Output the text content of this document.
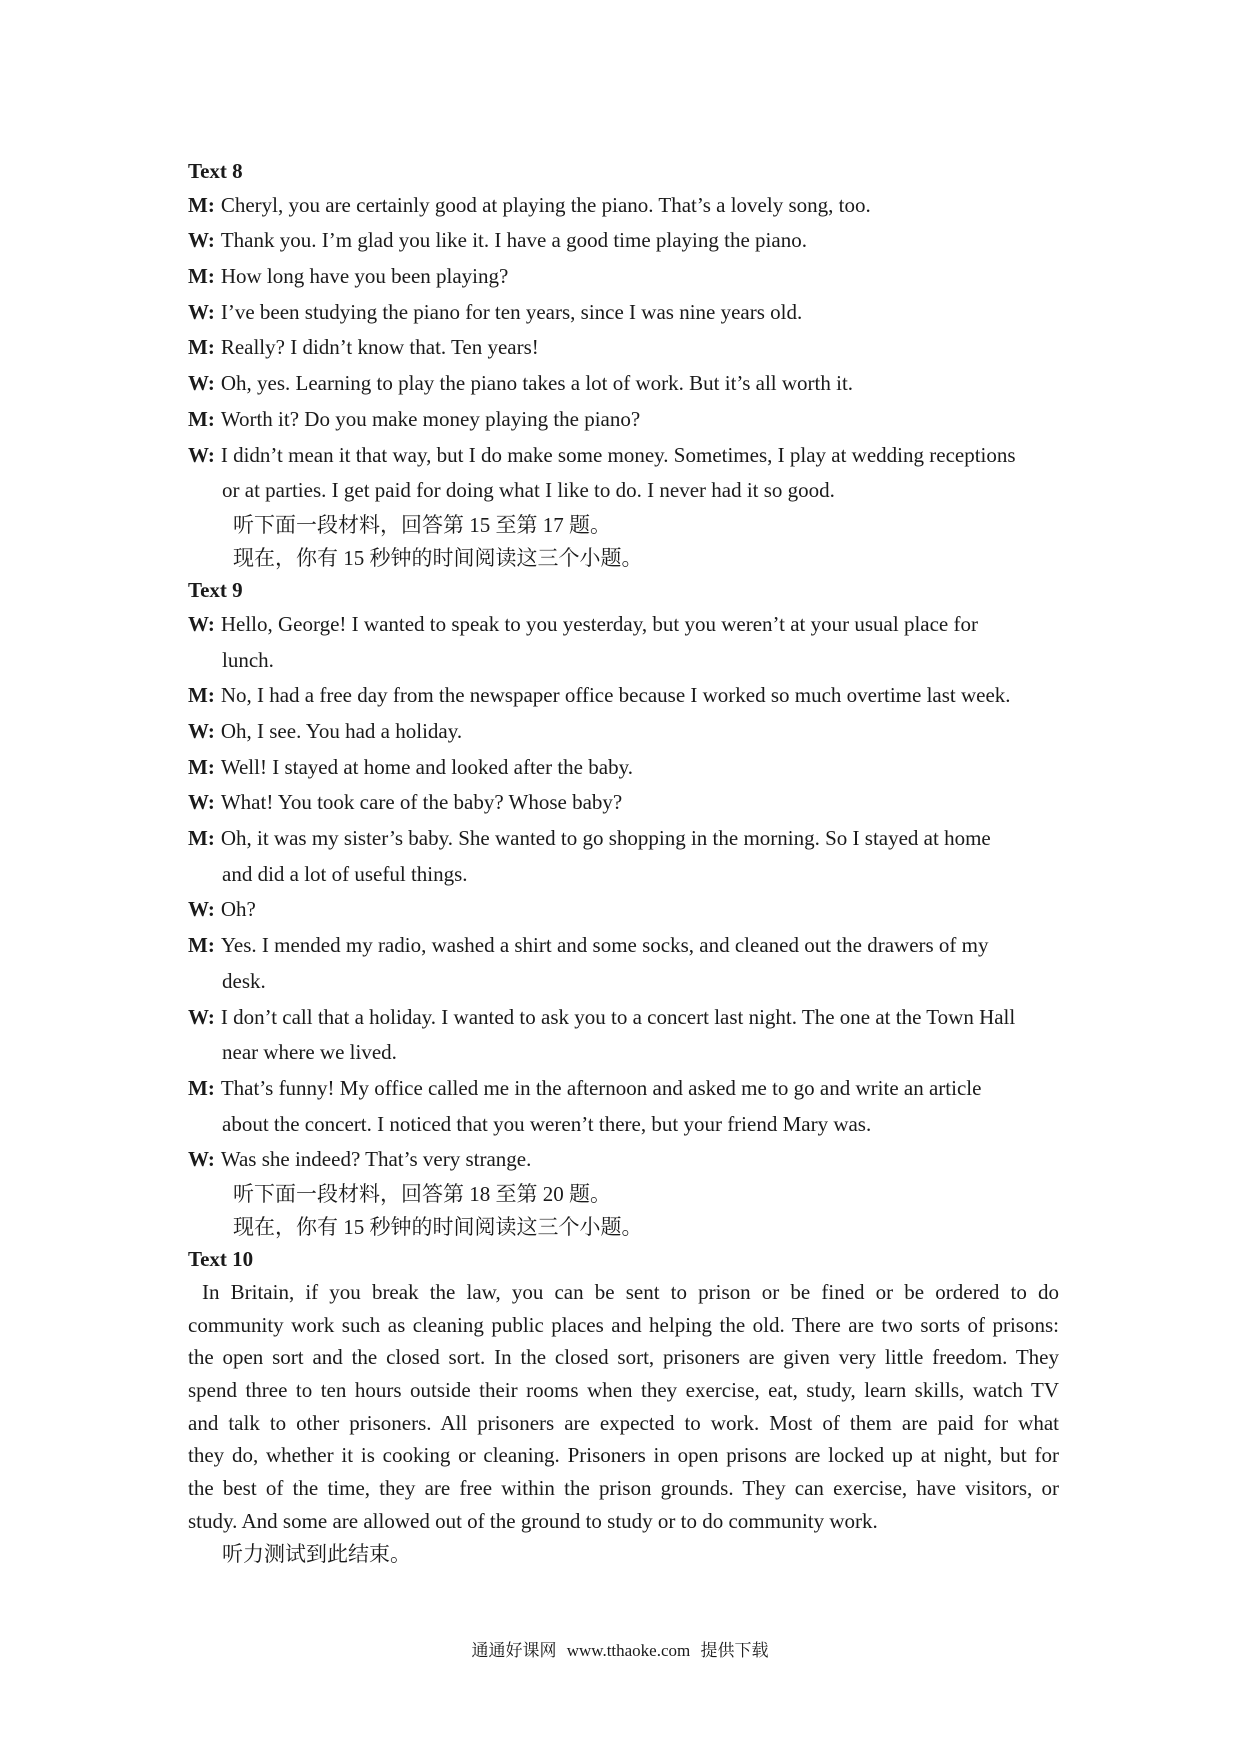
Text 8
M: Cheryl, you are certainly good at playing the piano. That’s a lovely song, too.
W: Thank you. I’m glad you like it. I have a good time playing the piano.
M: How long have you been playing?
W: I’ve been studying the piano for ten years, since I was nine years old.
M: Really? I didn’t know that. Ten years!
W: Oh, yes. Learning to play the piano takes a lot of work. But it’s all worth it.
M: Worth it? Do you make money playing the piano?
W: I didn’t mean it that way, but I do make some money. Sometimes, I play at wedding receptions
or at parties. I get paid for doing what I like to do. I never had it so good.
听下面一段材料，回答第 15 至第 17 题。
现在，你有 15 秒钟的时间阅读这三个小题。
Text 9
W: Hello, George! I wanted to speak to you yesterday, but you weren’t at your usual place for
lunch.
M: No, I had a free day from the newspaper office because I worked so much overtime last week.
W: Oh, I see. You had a holiday.
M: Well! I stayed at home and looked after the baby.
W: What! You took care of the baby? Whose baby?
M: Oh, it was my sister’s baby. She wanted to go shopping in the morning. So I stayed at home
and did a lot of useful things.
W: Oh?
M: Yes. I mended my radio, washed a shirt and some socks, and cleaned out the drawers of my
desk.
W: I don’t call that a holiday. I wanted to ask you to a concert last night. The one at the Town Hall
near where we lived.
M: That’s funny! My office called me in the afternoon and asked me to go and write an article
about the concert. I noticed that you weren’t there, but your friend Mary was.
W: Was she indeed? That’s very strange.
听下面一段材料，回答第 18 至第 20 题。
现在，你有 15 秒钟的时间阅读这三个小题。
Text 10
In Britain, if you break the law, you can be sent to prison or be fined or be ordered to do
community work such as cleaning public places and helping the old. There are two sorts of prisons:
the open sort and the closed sort. In the closed sort, prisoners are given very little freedom. They
spend three to ten hours outside their rooms when they exercise, eat, study, learn skills, watch TV
and talk to other prisoners. All prisoners are expected to work. Most of them are paid for what
they do, whether it is cooking or cleaning. Prisoners in open prisons are locked up at night, but for
the best of the time, they are free within the prison grounds. They can exercise, have visitors, or
study. And some are allowed out of the ground to study or to do community work.
听力测试到此结束。
通通好课网 www.tthaoke.com 提供下载
